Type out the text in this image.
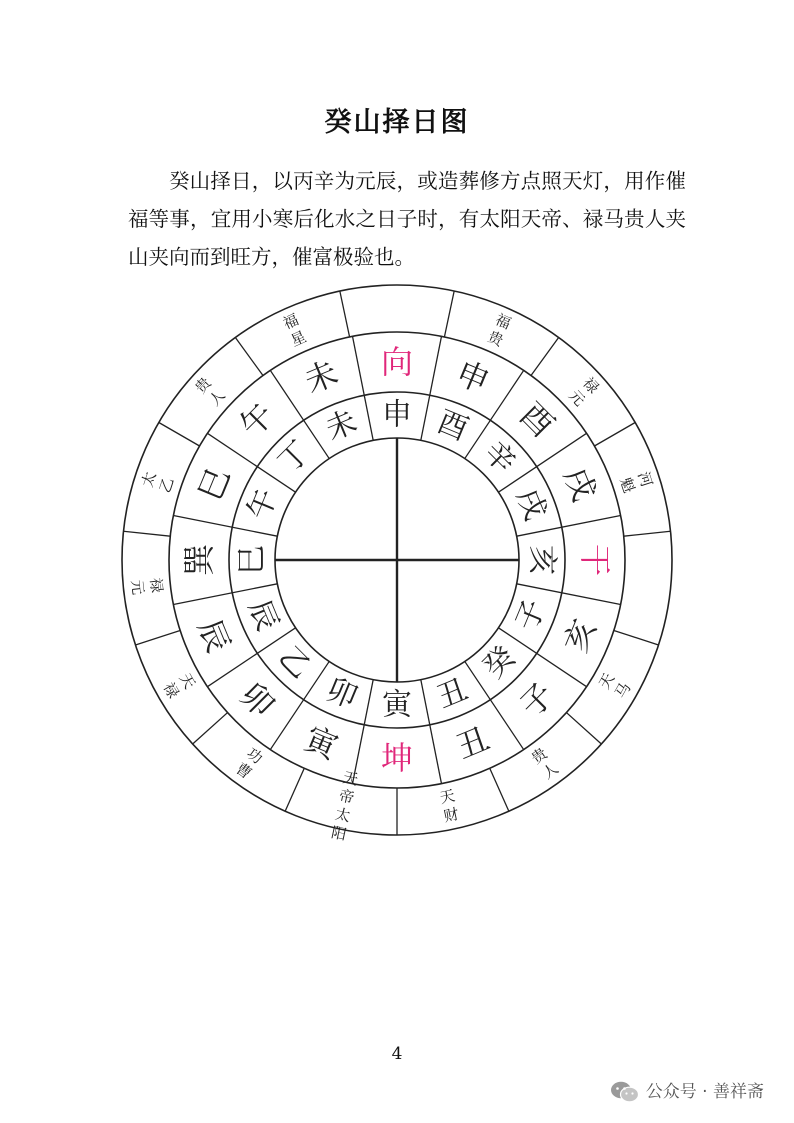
癸山择日图

癸山择日，以丙辛为元辰，或造葬修方点照天灯，用作催福等事，宜用小寒后化水之日子时，有太阳天帝、禄马贵人夹山夹向而到旺方，催富极验也。

未 申 酉
辛
戌
亥
子
癸
丑
寅
卯
乙
辰
巳
午
丁
申
酉
戌
干
亥
子
丑
坤
寅
卯
辰
巽
巳
午
未 向
福
贵
禄
元
河
魁
天
马
贵
人
天
财
天
帝
太
阳
功
曹
天
禄
禄
元
太
乙
贵
人
福
星
4
公众号 · 善祥斋
